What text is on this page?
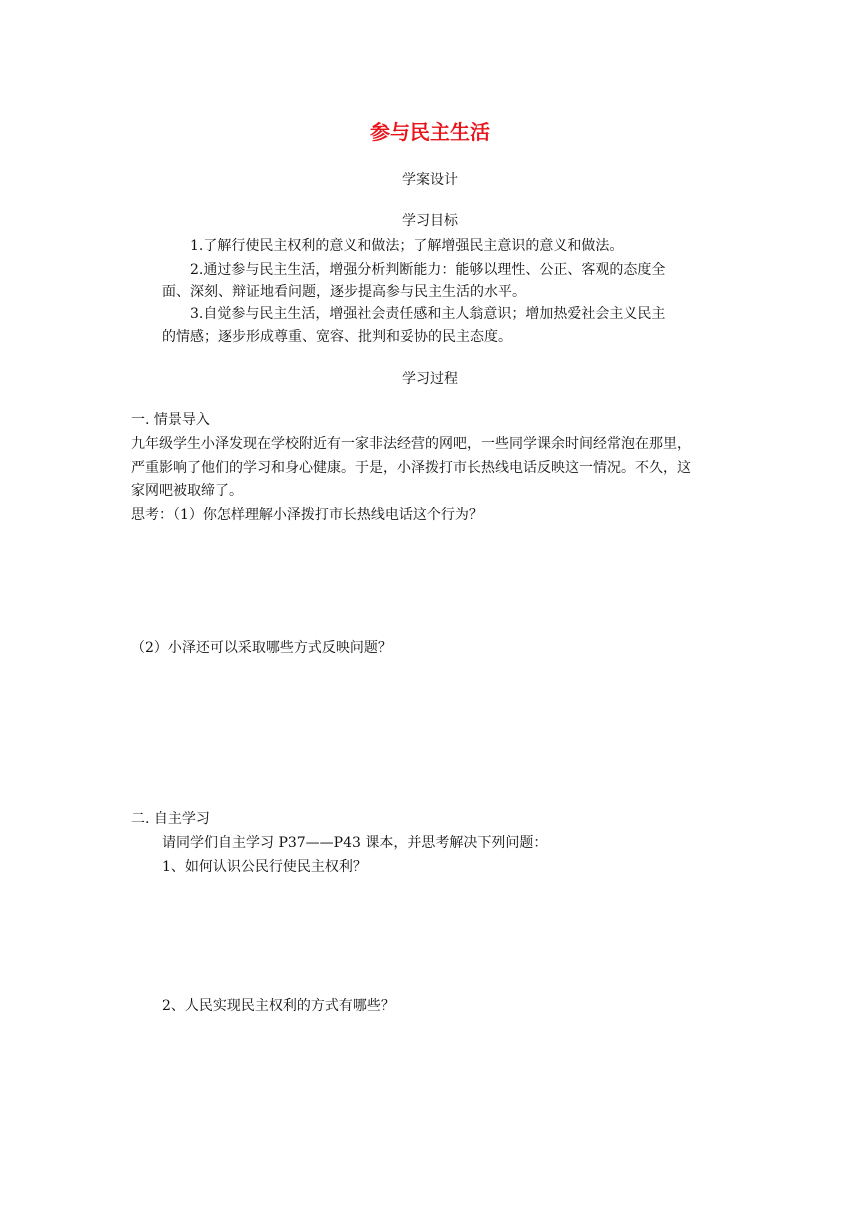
参与民主生活
学案设计
学习目标
1.了解行使民主权利的意义和做法；了解增强民主意识的意义和做法。
2.通过参与民主生活，增强分析判断能力：能够以理性、公正、客观的态度全
面、深刻、辩证地看问题，逐步提高参与民主生活的水平。
3.自觉参与民主生活，增强社会责任感和主人翁意识；增加热爱社会主义民主
的情感；逐步形成尊重、宽容、批判和妥协的民主态度。
学习过程
一. 情景导入
九年级学生小泽发现在学校附近有一家非法经营的网吧，一些同学课余时间经常泡在那里，
严重影响了他们的学习和身心健康。于是，小泽拨打市长热线电话反映这一情况。不久，这
家网吧被取缔了。
思考：（1）你怎样理解小泽拨打市长热线电话这个行为？
（2）小泽还可以采取哪些方式反映问题？
二. 自主学习
请同学们自主学习 P37——P43 课本，并思考解决下列问题：
1、如何认识公民行使民主权利？
2、人民实现民主权利的方式有哪些？
